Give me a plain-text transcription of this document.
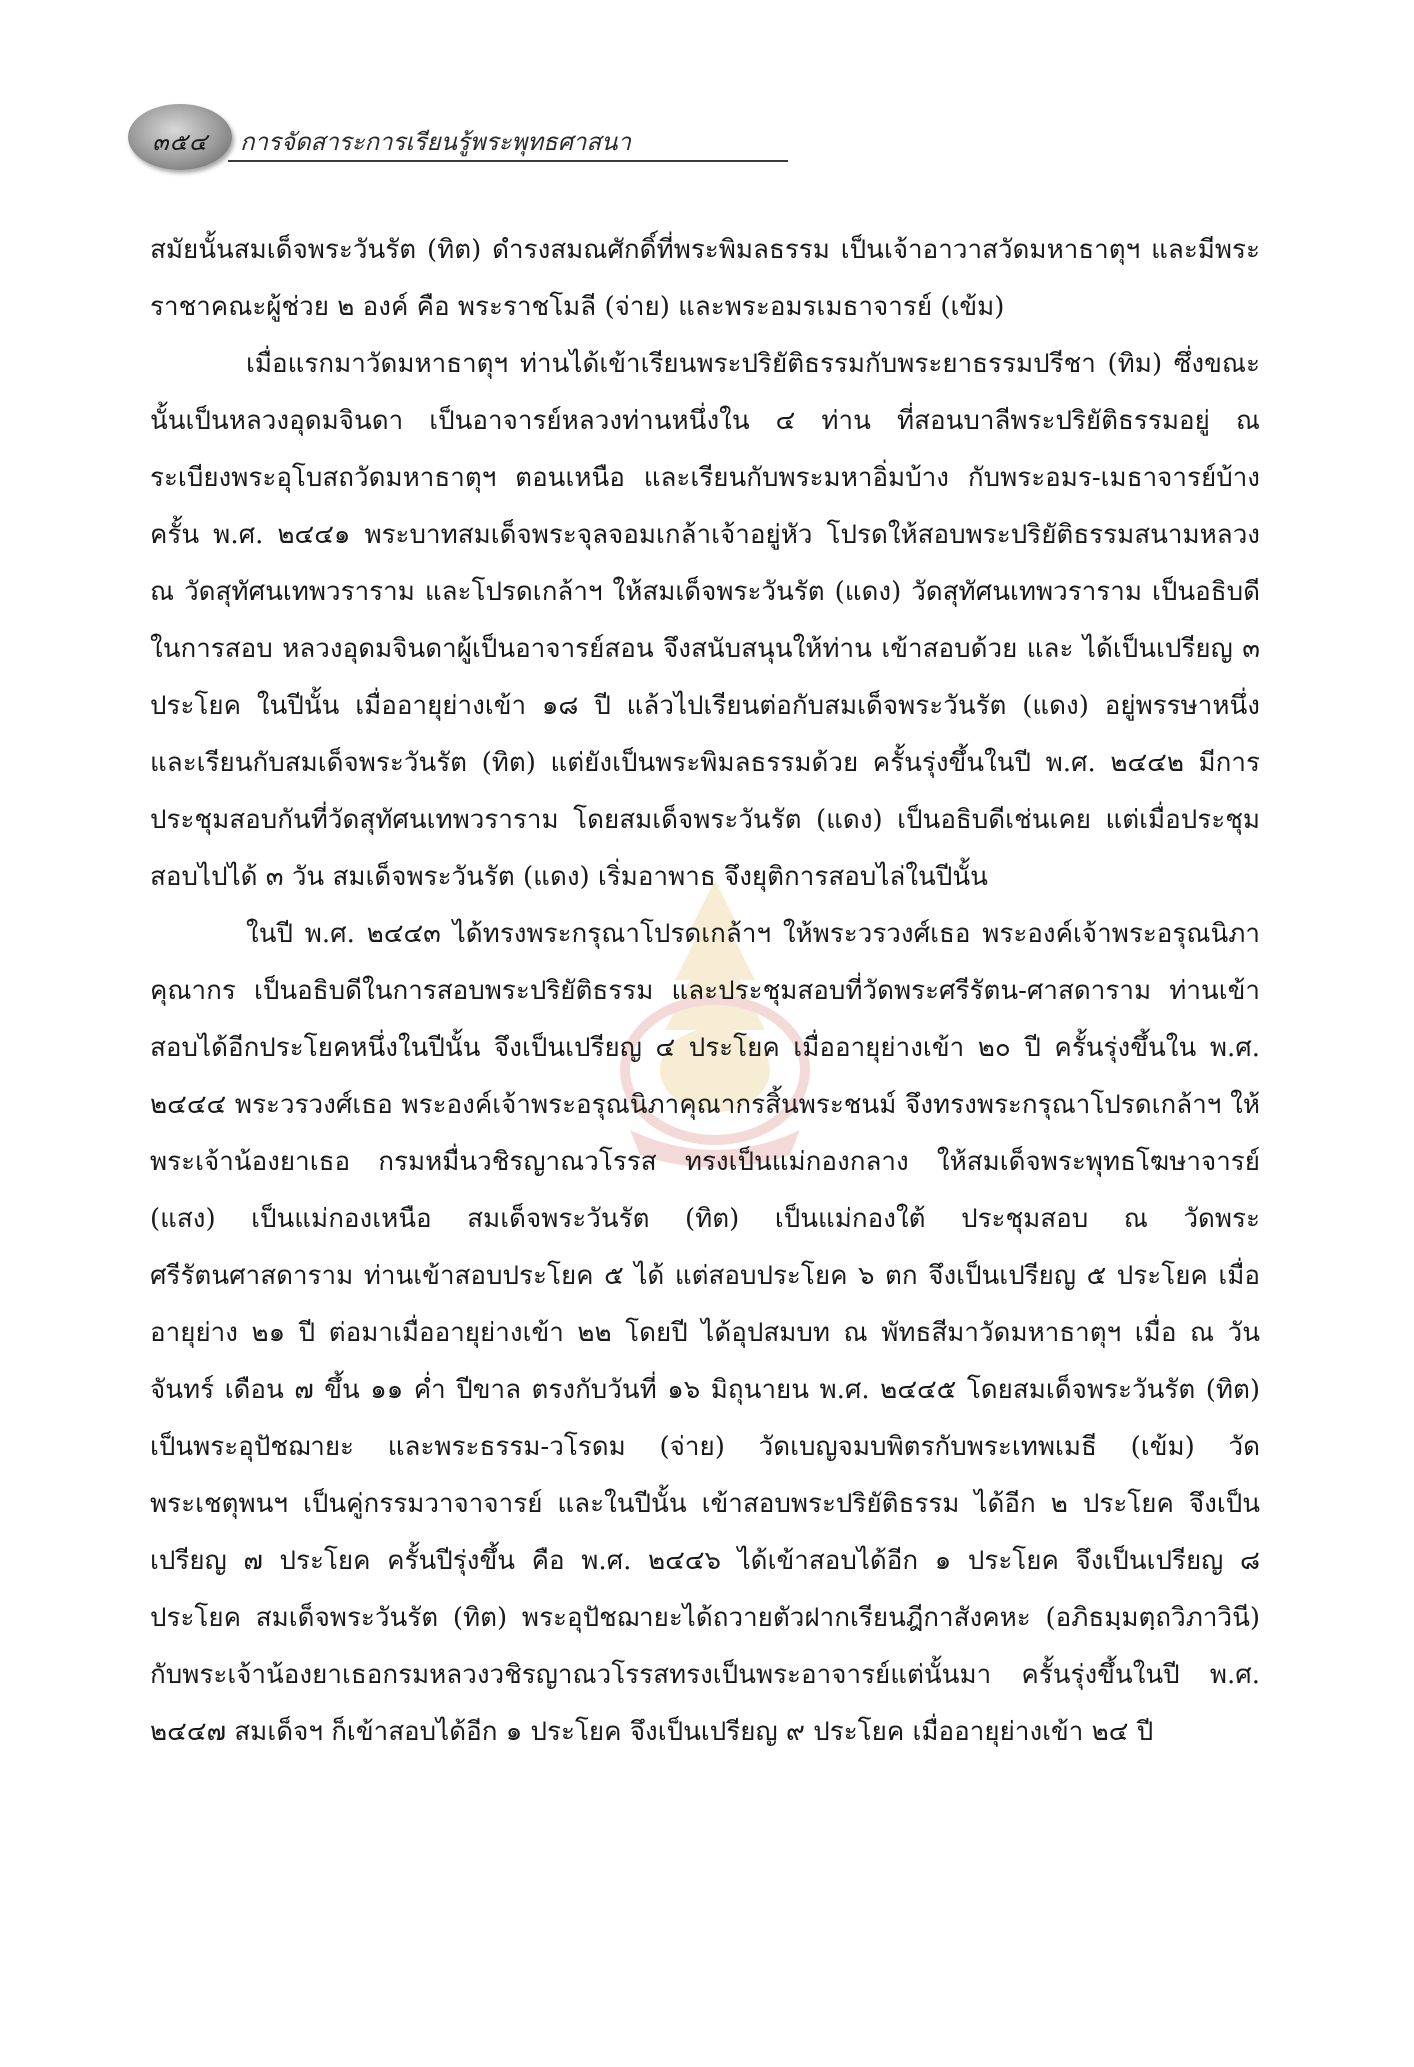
๓๕๔	การจัดสาระการเรียนรู้พระพุทธศาสนา

สมัยนั้นสมเด็จพระวันรัต (ทิต) ดำรงสมณศักดิ์ที่พระพิมลธรรม เป็นเจ้าอาวาสวัดมหาธาตุฯ และมีพระราชาคณะผู้ช่วย ๒ องค์ คือ พระราชโมลี (จ่าย) และพระอมรเมธาจารย์ (เข้ม)

เมื่อแรกมาวัดมหาธาตุฯ ท่านได้เข้าเรียนพระปริยัติธรรมกับพระยาธรรมปรีชา (ทิม) ซึ่งขณะนั้นเป็นหลวงอุดมจินดา เป็นอาจารย์หลวงท่านหนึ่งใน ๔ ท่าน ที่สอนบาลีพระปริยัติธรรมอยู่ ณ ระเบียงพระอุโบสถวัดมหาธาตุฯ ตอนเหนือ และเรียนกับพระมหาอิ่มบ้าง กับพระอมร-เมธาจารย์บ้าง ครั้น พ.ศ. ๒๔๔๑ พระบาทสมเด็จพระจุลจอมเกล้าเจ้าอยู่หัว โปรดให้สอบพระปริยัติธรรมสนามหลวง ณ วัดสุทัศนเทพวราราม และโปรดเกล้าฯ ให้สมเด็จพระวันรัต (แดง) วัดสุทัศนเทพวราราม เป็นอธิบดีในการสอบ หลวงอุดมจินดาผู้เป็นอาจารย์สอน จึงสนับสนุนให้ท่าน เข้าสอบด้วย และ ได้เป็นเปรียญ ๓ ประโยค ในปีนั้น เมื่ออายุย่างเข้า ๑๘ ปี แล้วไปเรียนต่อกับสมเด็จพระวันรัต (แดง) อยู่พรรษาหนึ่ง และเรียนกับสมเด็จพระวันรัต (ทิต) แต่ยังเป็นพระพิมลธรรมด้วย ครั้นรุ่งขึ้นในปี พ.ศ. ๒๔๔๒ มีการประชุมสอบกันที่วัดสุทัศนเทพวราราม โดยสมเด็จพระวันรัต (แดง) เป็นอธิบดีเช่นเคย แต่เมื่อประชุมสอบไปได้ ๓ วัน สมเด็จพระวันรัต (แดง) เริ่มอาพาธ จึงยุติการสอบไล่ในปีนั้น

ในปี พ.ศ. ๒๔๔๓ ได้ทรงพระกรุณาโปรดเกล้าฯ ให้พระวรวงศ์เธอ พระองค์เจ้าพระอรุณนิภาคุณากร เป็นอธิบดีในการสอบพระปริยัติธรรม และประชุมสอบที่วัดพระศรีรัตน-ศาสดาราม ท่านเข้าสอบได้อีกประโยคหนึ่งในปีนั้น จึงเป็นเปรียญ ๔ ประโยค เมื่ออายุย่างเข้า ๒๐ ปี ครั้นรุ่งขึ้นใน พ.ศ. ๒๔๔๔ พระวรวงศ์เธอ พระองค์เจ้าพระอรุณนิภาคุณากรสิ้นพระชนม์ จึงทรงพระกรุณาโปรดเกล้าฯ ให้พระเจ้าน้องยาเธอ กรมหมื่นวชิรญาณวโรรส ทรงเป็นแม่กองกลาง ให้สมเด็จพระพุทธโฆษาจารย์ (แสง) เป็นแม่กองเหนือ สมเด็จพระวันรัต (ทิต) เป็นแม่กองใต้ ประชุมสอบ ณ วัดพระศรีรัตนศาสดาราม ท่านเข้าสอบประโยค ๕ ได้ แต่สอบประโยค ๖ ตก จึงเป็นเปรียญ ๕ ประโยค เมื่ออายุย่าง ๒๑ ปี ต่อมาเมื่ออายุย่างเข้า ๒๒ โดยปี ได้อุปสมบท ณ พัทธสีมาวัดมหาธาตุฯ เมื่อ ณ วันจันทร์ เดือน ๗ ขึ้น ๑๑ ค่ำ ปีขาล ตรงกับวันที่ ๑๖ มิถุนายน พ.ศ. ๒๔๔๕ โดยสมเด็จพระวันรัต (ทิต) เป็นพระอุปัชฌายะ และพระธรรม-วโรดม (จ่าย) วัดเบญจมบพิตรกับพระเทพเมธี (เข้ม) วัดพระเชตุพนฯ เป็นคู่กรรมวาจาจารย์ และในปีนั้น เข้าสอบพระปริยัติธรรม ได้อีก ๒ ประโยค จึงเป็นเปรียญ ๗ ประโยค ครั้นปีรุ่งขึ้น คือ พ.ศ. ๒๔๔๖ ได้เข้าสอบได้อีก ๑ ประโยค จึงเป็นเปรียญ ๘ ประโยค สมเด็จพระวันรัต (ทิต) พระอุปัชฌายะได้ถวายตัวฝากเรียนฎีกาสังคหะ (อภิธมฺมตฺถวิภาวินี) กับพระเจ้าน้องยาเธอกรมหลวงวชิรญาณวโรรสทรงเป็นพระอาจารย์แต่นั้นมา ครั้นรุ่งขึ้นในปี พ.ศ. ๒๔๔๗ สมเด็จฯ ก็เข้าสอบได้อีก ๑ ประโยค จึงเป็นเปรียญ ๙ ประโยค เมื่ออายุย่างเข้า ๒๔ ปี
